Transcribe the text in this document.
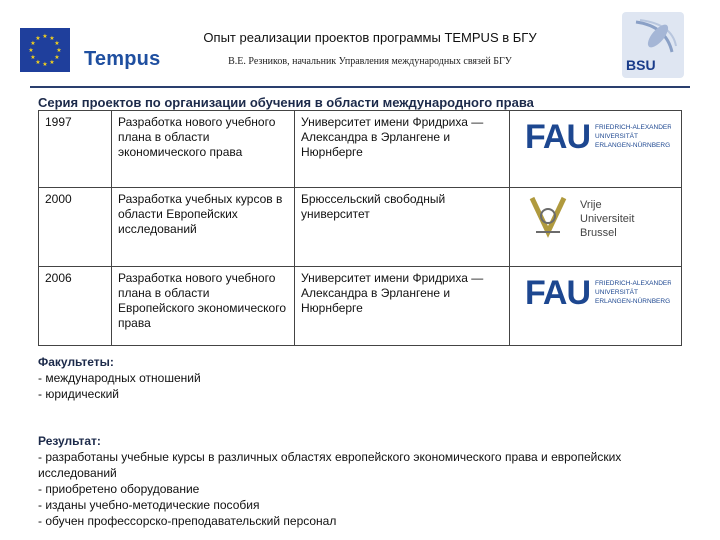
★ ★
★
★
★
★
★
★
★
★
★
★
Tempus
Опыт реализации проектов программы TEMPUS в БГУ
В.Е. Резников, начальник Управления международных связей БГУ	BSU
Серия проектов по организации обучения в области международного права
1997	Разработка нового учебного плана в области экономического права	Университет имени Фридриха — Александра в Эрлангене и Нюрнберге	FAU FRIEDRICH-ALEXANDER
UNIVERSITÄT
ERLANGEN-NÜRNBERG

2000	Разработка учебных курсов в области Европейских исследований	Брюссельский свободный университет	Vrije
Universiteit
Brussel

2006	Разработка нового учебного плана в области Европейского экономического права	Университет имени Фридриха — Александра в Эрлангене и Нюрнберге	FAU FRIEDRICH-ALEXANDER
UNIVERSITÄT
ERLANGEN-NÜRNBERG
Факультеты:
- международных отношений
- юридический
Результат:
- разработаны учебные курсы в различных областях европейского экономического права и европейских исследований
- приобретено оборудование
- изданы учебно-методические пособия
- обучен профессорско-преподавательский персонал
